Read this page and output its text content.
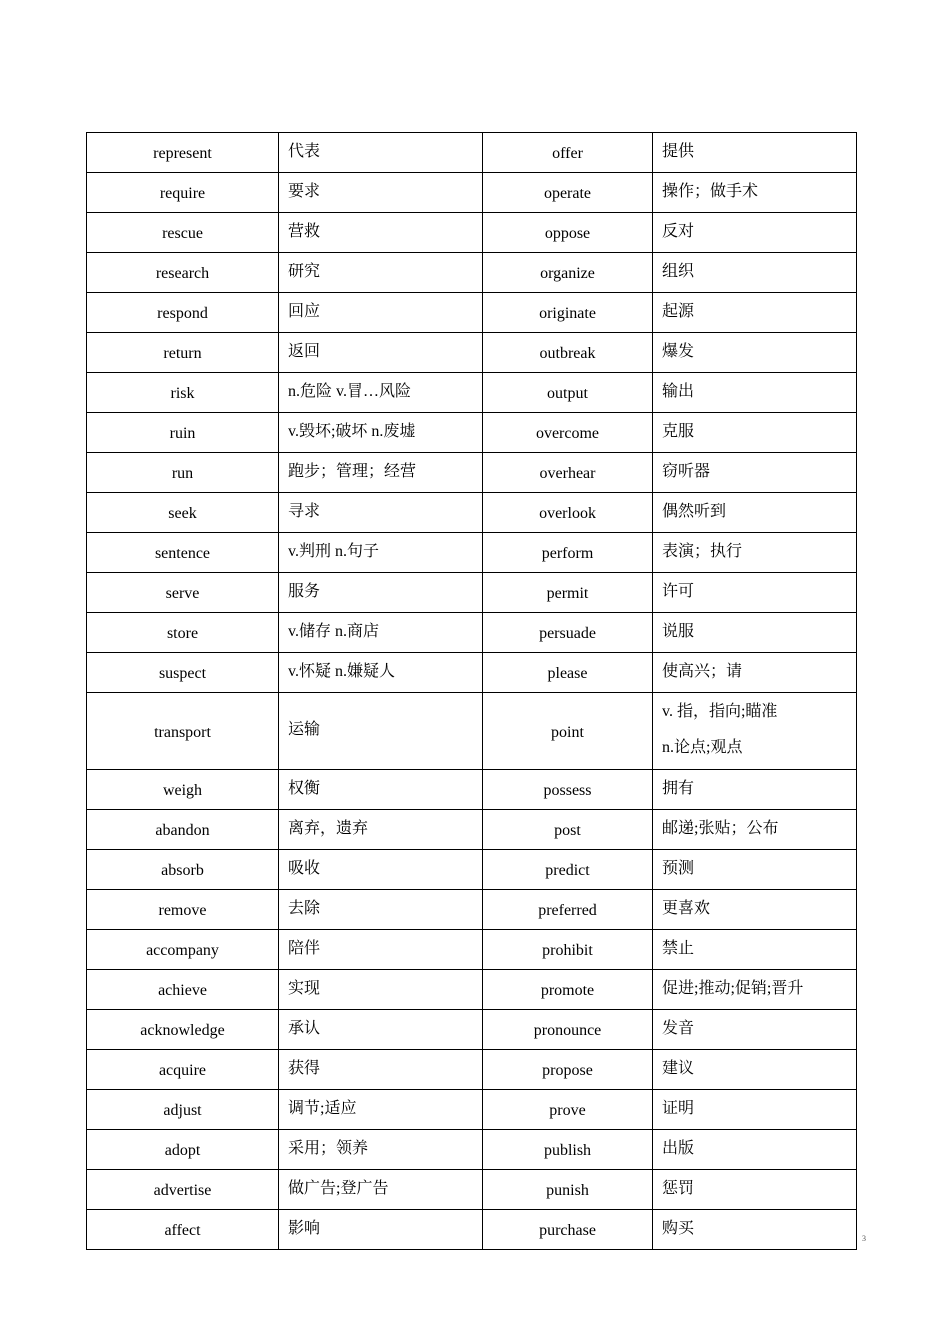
represent	代表	offer	提供
require	要求	operate	操作；做手术
rescue	营救	oppose	反对
research	研究	organize	组织
respond	回应	originate	起源
return	返回	outbreak	爆发
risk	n.危险 v.冒…风险	output	输出
ruin	v.毁坏;破坏 n.废墟	overcome	克服
run	跑步；管理；经营	overhear	窃听器
seek	寻求	overlook	偶然听到
sentence	v.判刑 n.句子	perform	表演；执行
serve	服务	permit	许可
store	v.储存 n.商店	persuade	说服
suspect	v.怀疑 n.嫌疑人	please	使高兴；请
transport	运输	point	v. 指，指向;瞄准
n.论点;观点

weigh	权衡	possess	拥有
abandon	离弃，遗弃	post	邮递;张贴；公布
absorb	吸收	predict	预测
remove	去除	preferred	更喜欢
accompany	陪伴	prohibit	禁止
achieve	实现	promote	促进;推动;促销;晋升
acknowledge	承认	pronounce	发音
acquire	获得	propose	建议
adjust	调节;适应	prove	证明
adopt	采用；领养	publish	出版
advertise	做广告;登广告	punish	惩罚
affect	影响	purchase	购买
3
